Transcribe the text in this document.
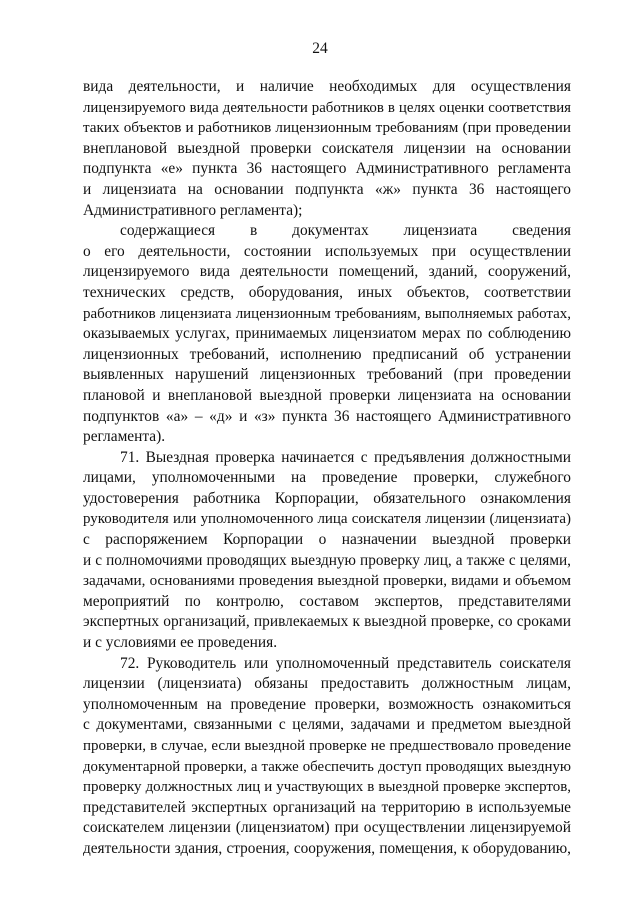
24
вида деятельности, и наличие необходимых для осуществления
лицензируемого вида деятельности работников в целях оценки соответствия
таких объектов и работников лицензионным требованиям (при проведении
внеплановой выездной проверки соискателя лицензии на основании
подпункта «е» пункта 36 настоящего Административного регламента
и лицензиата на основании подпункта «ж» пункта 36 настоящего
Административного регламента);
содержащиеся в документах лицензиата сведения
о его деятельности, состоянии используемых при осуществлении
лицензируемого вида деятельности помещений, зданий, сооружений,
технических средств, оборудования, иных объектов, соответствии
работников лицензиата лицензионным требованиям, выполняемых работах,
оказываемых услугах, принимаемых лицензиатом мерах по соблюдению
лицензионных требований, исполнению предписаний об устранении
выявленных нарушений лицензионных требований (при проведении
плановой и внеплановой выездной проверки лицензиата на основании
подпунктов «а» – «д» и «з» пункта 36 настоящего Административного
регламента).
71. Выездная проверка начинается с предъявления должностными
лицами, уполномоченными на проведение проверки, служебного
удостоверения работника Корпорации, обязательного ознакомления
руководителя или уполномоченного лица соискателя лицензии (лицензиата)
с распоряжением Корпорации о назначении выездной проверки
и с полномочиями проводящих выездную проверку лиц, а также с целями,
задачами, основаниями проведения выездной проверки, видами и объемом
мероприятий по контролю, составом экспертов, представителями
экспертных организаций, привлекаемых к выездной проверке, со сроками
и с условиями ее проведения.
72. Руководитель или уполномоченный представитель соискателя
лицензии (лицензиата) обязаны предоставить должностным лицам,
уполномоченным на проведение проверки, возможность ознакомиться
с документами, связанными с целями, задачами и предметом выездной
проверки, в случае, если выездной проверке не предшествовало проведение
документарной проверки, а также обеспечить доступ проводящих выездную
проверку должностных лиц и участвующих в выездной проверке экспертов,
представителей экспертных организаций на территорию в используемые
соискателем лицензии (лицензиатом) при осуществлении лицензируемой
деятельности здания, строения, сооружения, помещения, к оборудованию,
